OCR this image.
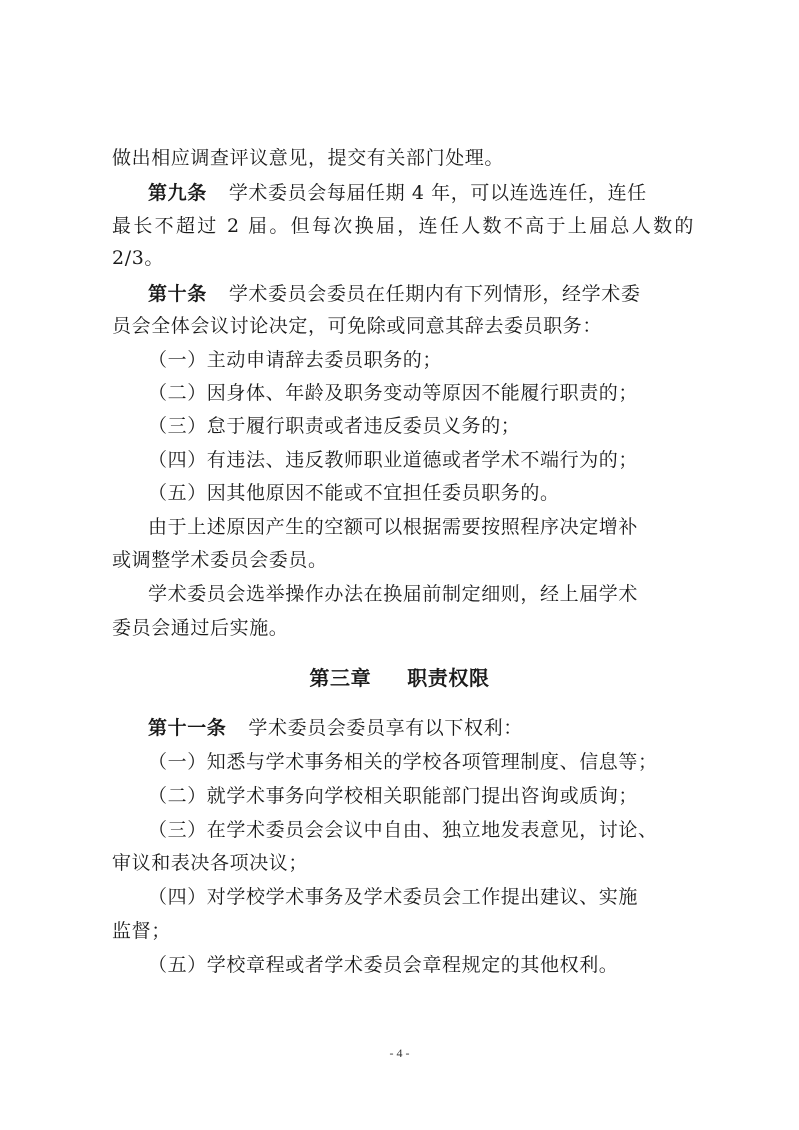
做出相应调查评议意见，提交有关部门处理。
第九条 学术委员会每届任期 4 年，可以连选连任，连任
最长不超过 2 届。但每次换届，连任人数不高于上届总人数的
2/3。
第十条 学术委员会委员在任期内有下列情形，经学术委
员会全体会议讨论决定，可免除或同意其辞去委员职务：
（一）主动申请辞去委员职务的；
（二）因身体、年龄及职务变动等原因不能履行职责的；
（三）怠于履行职责或者违反委员义务的；
（四）有违法、违反教师职业道德或者学术不端行为的；
（五）因其他原因不能或不宜担任委员职务的。
由于上述原因产生的空额可以根据需要按照程序决定增补
或调整学术委员会委员。
学术委员会选举操作办法在换届前制定细则，经上届学术
委员会通过后实施。
第三章 职责权限
第十一条 学术委员会委员享有以下权利：
（一）知悉与学术事务相关的学校各项管理制度、信息等；
（二）就学术事务向学校相关职能部门提出咨询或质询；
（三）在学术委员会会议中自由、独立地发表意见，讨论、
审议和表决各项决议；
（四）对学校学术事务及学术委员会工作提出建议、实施
监督；
（五）学校章程或者学术委员会章程规定的其他权利。
- 4 -
